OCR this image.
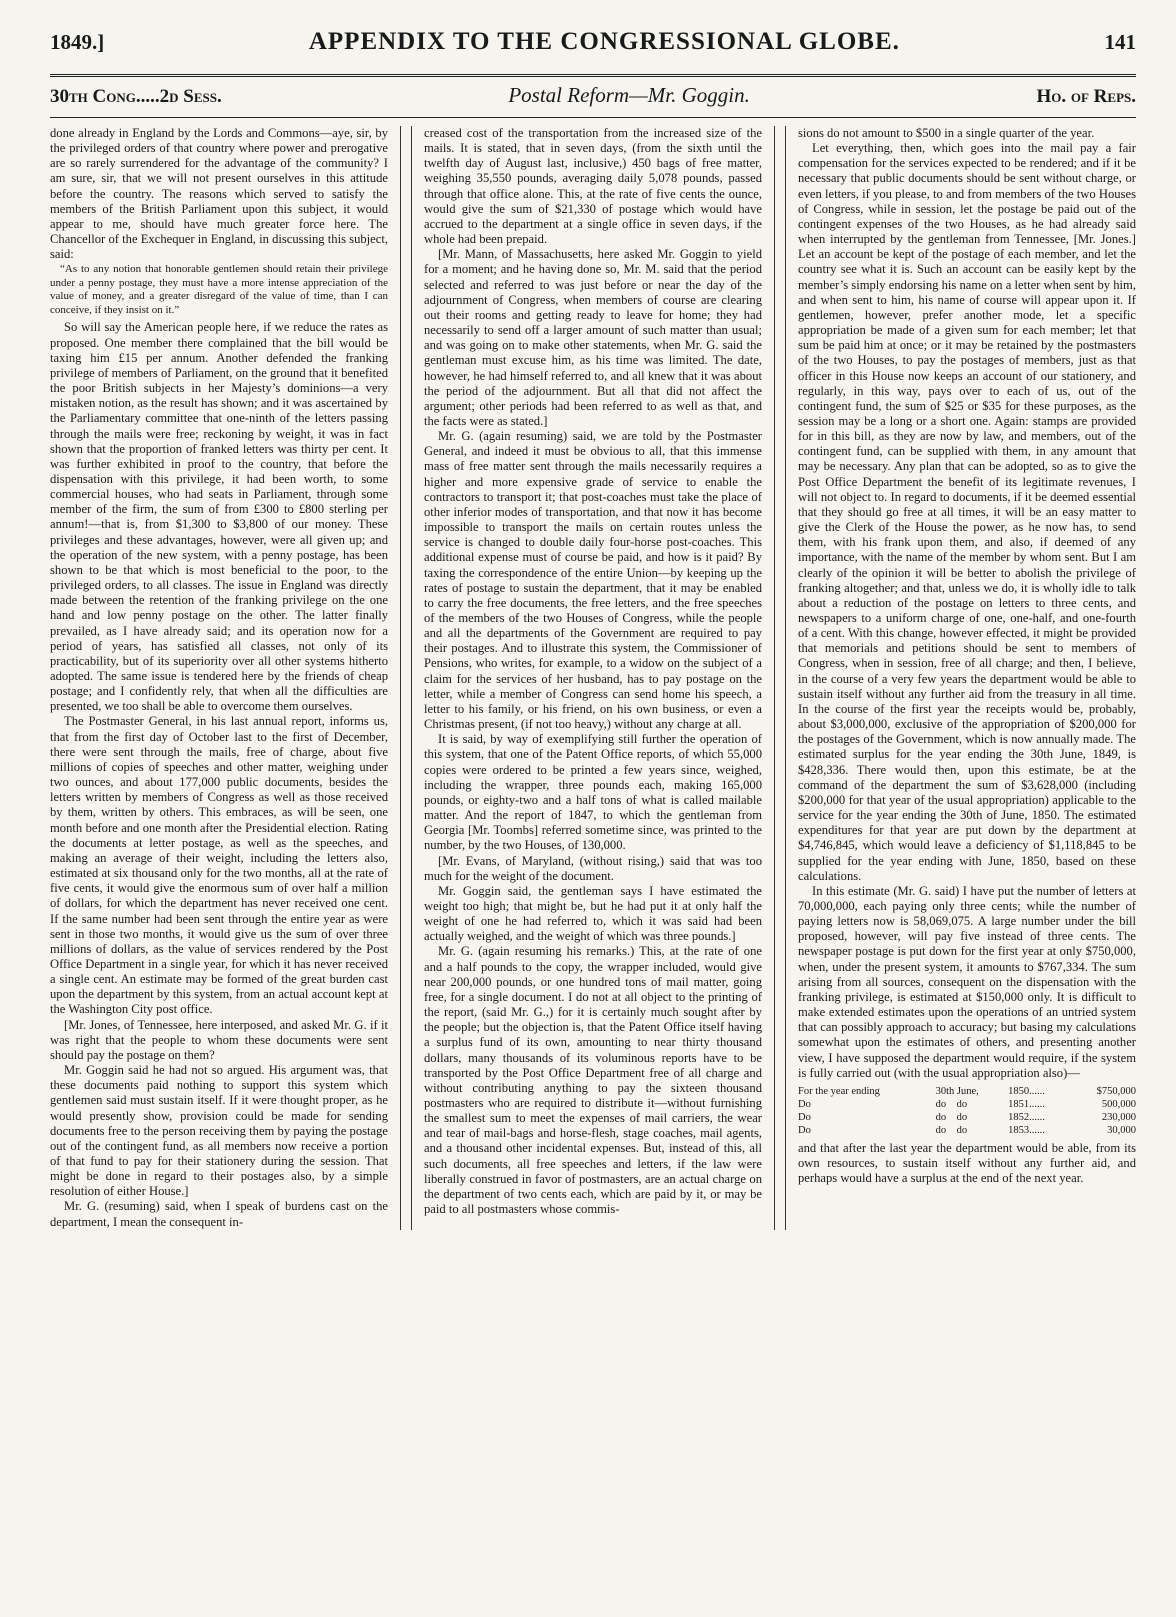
1849.]	APPENDIX TO THE CONGRESSIONAL GLOBE.	141
30th Cong.....2d Sess.	Postal Reform—Mr. Goggin.	Ho. of Reps.

done already in England by the Lords and Commons—aye, sir, by the privileged orders of that country where power and prerogative are so rarely surrendered for the advantage of the community? I am sure, sir, that we will not present ourselves in this attitude before the country. The reasons which served to satisfy the members of the British Parliament upon this subject, it would appear to me, should have much greater force here. The Chancellor of the Exchequer in England, in discussing this subject, said:

“As to any notion that honorable gentlemen should retain their privilege under a penny postage, they must have a more intense appreciation of the value of money, and a greater disregard of the value of time, than I can conceive, if they insist on it.”

So will say the American people here, if we reduce the rates as proposed. One member there complained that the bill would be taxing him £15 per annum. Another defended the franking privilege of members of Parliament, on the ground that it benefited the poor British subjects in her Majesty’s dominions—a very mistaken notion, as the result has shown; and it was ascertained by the Parliamentary committee that one-ninth of the letters passing through the mails were free; reckoning by weight, it was in fact shown that the proportion of franked letters was thirty per cent. It was further exhibited in proof to the country, that before the dispensation with this privilege, it had been worth, to some commercial houses, who had seats in Parliament, through some member of the firm, the sum of from £300 to £800 sterling per annum!—that is, from $1,300 to $3,800 of our money. These privileges and these advantages, however, were all given up; and the operation of the new system, with a penny postage, has been shown to be that which is most beneficial to the poor, to the privileged orders, to all classes. The issue in England was directly made between the retention of the franking privilege on the one hand and low penny postage on the other. The latter finally prevailed, as I have already said; and its operation now for a period of years, has satisfied all classes, not only of its practicability, but of its superiority over all other systems hitherto adopted. The same issue is tendered here by the friends of cheap postage; and I confidently rely, that when all the difficulties are presented, we too shall be able to overcome them ourselves.

The Postmaster General, in his last annual report, informs us, that from the first day of October last to the first of December, there were sent through the mails, free of charge, about five millions of copies of speeches and other matter, weighing under two ounces, and about 177,000 public documents, besides the letters written by members of Congress as well as those received by them, written by others. This embraces, as will be seen, one month before and one month after the Presidential election. Rating the documents at letter postage, as well as the speeches, and making an average of their weight, including the letters also, estimated at six thousand only for the two months, all at the rate of five cents, it would give the enormous sum of over half a million of dollars, for which the department has never received one cent. If the same number had been sent through the entire year as were sent in those two months, it would give us the sum of over three millions of dollars, as the value of services rendered by the Post Office Department in a single year, for which it has never received a single cent. An estimate may be formed of the great burden cast upon the department by this system, from an actual account kept at the Washington City post office.

[Mr. Jones, of Tennessee, here interposed, and asked Mr. G. if it was right that the people to whom these documents were sent should pay the postage on them?

Mr. Goggin said he had not so argued. His argument was, that these documents paid nothing to support this system which gentlemen said must sustain itself. If it were thought proper, as he would presently show, provision could be made for sending documents free to the person receiving them by paying the postage out of the contingent fund, as all members now receive a portion of that fund to pay for their stationery during the session. That might be done in regard to their postages also, by a simple resolution of either House.]

Mr. G. (resuming) said, when I speak of burdens cast on the department, I mean the consequent in-

creased cost of the transportation from the increased size of the mails. It is stated, that in seven days, (from the sixth until the twelfth day of August last, inclusive,) 450 bags of free matter, weighing 35,550 pounds, averaging daily 5,078 pounds, passed through that office alone. This, at the rate of five cents the ounce, would give the sum of $21,330 of postage which would have accrued to the department at a single office in seven days, if the whole had been prepaid.

[Mr. Mann, of Massachusetts, here asked Mr. Goggin to yield for a moment; and he having done so, Mr. M. said that the period selected and referred to was just before or near the day of the adjournment of Congress, when members of course are clearing out their rooms and getting ready to leave for home; they had necessarily to send off a larger amount of such matter than usual; and was going on to make other statements, when Mr. G. said the gentleman must excuse him, as his time was limited. The date, however, he had himself referred to, and all knew that it was about the period of the adjournment. But all that did not affect the argument; other periods had been referred to as well as that, and the facts were as stated.]

Mr. G. (again resuming) said, we are told by the Postmaster General, and indeed it must be obvious to all, that this immense mass of free matter sent through the mails necessarily requires a higher and more expensive grade of service to enable the contractors to transport it; that post-coaches must take the place of other inferior modes of transportation, and that now it has become impossible to transport the mails on certain routes unless the service is changed to double daily four-horse post-coaches. This additional expense must of course be paid, and how is it paid? By taxing the correspondence of the entire Union—by keeping up the rates of postage to sustain the department, that it may be enabled to carry the free documents, the free letters, and the free speeches of the members of the two Houses of Congress, while the people and all the departments of the Government are required to pay their postages. And to illustrate this system, the Commissioner of Pensions, who writes, for example, to a widow on the subject of a claim for the services of her husband, has to pay postage on the letter, while a member of Congress can send home his speech, a letter to his family, or his friend, on his own business, or even a Christmas present, (if not too heavy,) without any charge at all.

It is said, by way of exemplifying still further the operation of this system, that one of the Patent Office reports, of which 55,000 copies were ordered to be printed a few years since, weighed, including the wrapper, three pounds each, making 165,000 pounds, or eighty-two and a half tons of what is called mailable matter. And the report of 1847, to which the gentleman from Georgia [Mr. Toombs] referred sometime since, was printed to the number, by the two Houses, of 130,000.

[Mr. Evans, of Maryland, (without rising,) said that was too much for the weight of the document.

Mr. Goggin said, the gentleman says I have estimated the weight too high; that might be, but he had put it at only half the weight of one he had referred to, which it was said had been actually weighed, and the weight of which was three pounds.]

Mr. G. (again resuming his remarks.) This, at the rate of one and a half pounds to the copy, the wrapper included, would give near 200,000 pounds, or one hundred tons of mail matter, going free, for a single document. I do not at all object to the printing of the report, (said Mr. G.,) for it is certainly much sought after by the people; but the objection is, that the Patent Office itself having a surplus fund of its own, amounting to near thirty thousand dollars, many thousands of its voluminous reports have to be transported by the Post Office Department free of all charge and without contributing anything to pay the sixteen thousand postmasters who are required to distribute it—without furnishing the smallest sum to meet the expenses of mail carriers, the wear and tear of mail-bags and horse-flesh, stage coaches, mail agents, and a thousand other incidental expenses. But, instead of this, all such documents, all free speeches and letters, if the law were liberally construed in favor of postmasters, are an actual charge on the department of two cents each, which are paid by it, or may be paid to all postmasters whose commis-

sions do not amount to $500 in a single quarter of the year.

Let everything, then, which goes into the mail pay a fair compensation for the services expected to be rendered; and if it be necessary that public documents should be sent without charge, or even letters, if you please, to and from members of the two Houses of Congress, while in session, let the postage be paid out of the contingent expenses of the two Houses, as he had already said when interrupted by the gentleman from Tennessee, [Mr. Jones.] Let an account be kept of the postage of each member, and let the country see what it is. Such an account can be easily kept by the member’s simply endorsing his name on a letter when sent by him, and when sent to him, his name of course will appear upon it. If gentlemen, however, prefer another mode, let a specific appropriation be made of a given sum for each member; let that sum be paid him at once; or it may be retained by the postmasters of the two Houses, to pay the postages of members, just as that officer in this House now keeps an account of our stationery, and regularly, in this way, pays over to each of us, out of the contingent fund, the sum of $25 or $35 for these purposes, as the session may be a long or a short one. Again: stamps are provided for in this bill, as they are now by law, and members, out of the contingent fund, can be supplied with them, in any amount that may be necessary. Any plan that can be adopted, so as to give the Post Office Department the benefit of its legitimate revenues, I will not object to. In regard to documents, if it be deemed essential that they should go free at all times, it will be an easy matter to give the Clerk of the House the power, as he now has, to send them, with his frank upon them, and also, if deemed of any importance, with the name of the member by whom sent. But I am clearly of the opinion it will be better to abolish the privilege of franking altogether; and that, unless we do, it is wholly idle to talk about a reduction of the postage on letters to three cents, and newspapers to a uniform charge of one, one-half, and one-fourth of a cent. With this change, however effected, it might be provided that memorials and petitions should be sent to members of Congress, when in session, free of all charge; and then, I believe, in the course of a very few years the department would be able to sustain itself without any further aid from the treasury in all time. In the course of the first year the receipts would be, probably, about $3,000,000, exclusive of the appropriation of $200,000 for the postages of the Government, which is now annually made. The estimated surplus for the year ending the 30th June, 1849, is $428,336. There would then, upon this estimate, be at the command of the department the sum of $3,628,000 (including $200,000 for that year of the usual appropriation) applicable to the service for the year ending the 30th of June, 1850. The estimated expenditures for that year are put down by the department at $4,746,845, which would leave a deficiency of $1,118,845 to be supplied for the year ending with June, 1850, based on these calculations.

In this estimate (Mr. G. said) I have put the number of letters at 70,000,000, each paying only three cents; while the number of paying letters now is 58,069,075. A large number under the bill proposed, however, will pay five instead of three cents. The newspaper postage is put down for the first year at only $750,000, when, under the present system, it amounts to $767,334. The sum arising from all sources, consequent on the dispensation with the franking privilege, is estimated at $150,000 only. It is difficult to make extended estimates upon the operations of an untried system that can possibly approach to accuracy; but basing my calculations somewhat upon the estimates of others, and presenting another view, I have supposed the department would require, if the system is fully carried out (with the usual appropriation also)—

For the year ending	30th June,	1850......	$750,000
Do	do do	1851......	500,000
Do	do do	1852......	230,000
Do	do do	1853......	30,000

and that after the last year the department would be able, from its own resources, to sustain itself without any further aid, and perhaps would have a surplus at the end of the next year.
